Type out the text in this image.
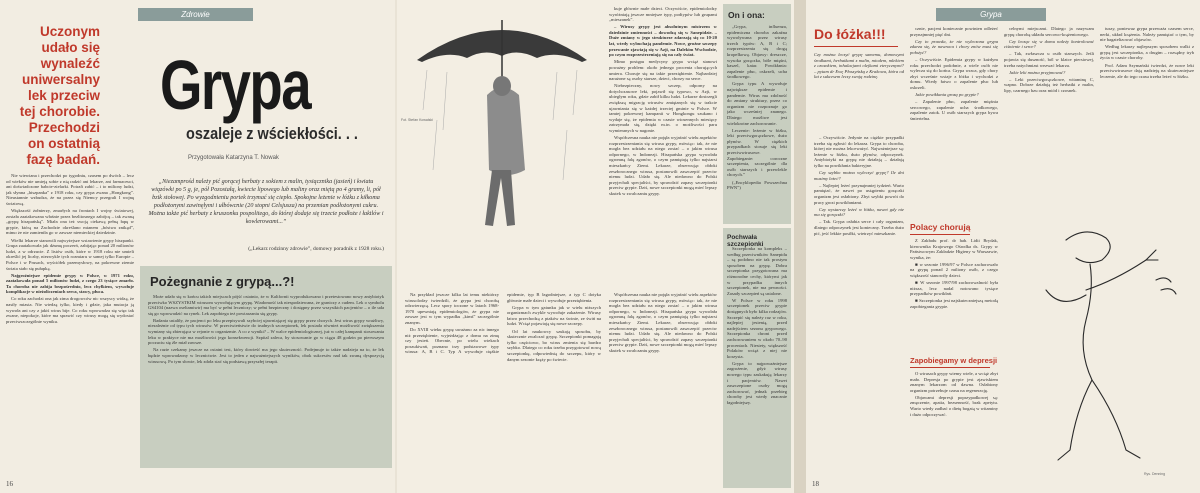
Zdrowie
Uczonym
udało się
wynaleźć
uniwersalny
lek przeciw
tej chorobie.
Przechodzi
on ostatnią
fazę badań.
Grypa
oszaleje z wściekłości. . .
Przygotowała Katarzyna T. Nowak
„Niezamprośd należy pić gorącej herbaty z sokiem z malin, tysiącznika (jasień) i kwiatu wiązówki po 5 g, je, pół Pozostałą, kwiecie lipowego lub maliny oraz miętą po 4 gramy, li, pół bzik stołowej. Po wyzgodnieniu portek trzymać się ciepło. Spokojne leżenie w łóżku z kiłkoma podłożonymi zawinęłymi i ułbówcnie (20 stopni Celsjusza) na przemian podłożonymi cukru. Można także pić herbaty z kruszonku pospolitego, do której dodaje się trzecie podłoże i łaktlów i kowlerowami...”
(„Lekarz rodzinny zdrowie”, domowy poradnik z 1928 roku.)

Nie wiewiana i przechodzi po tygodniu, czasem po dwóch – lecz od wieków nie umieją sobie z nią radzić ani lekarze, ani farmaceuci, ani doświadczone babcie-zielarki. Potrafi zabić – i to miliony ludzi, jak słynna „hiszpanka” z 1918 roku, czy grypa zwana „Hongkong”. Nieustannie wzbudza, że na przez się Niemcy przegrali I wojnę światową.

Większość żołnierzy, zmarłych na frontach I wojny światowej, została zaatakowana właśnie przez bezlitosnego zabójcę – tak zwaną „grypę hiszpańską”. Miała ona też swoją ciekawą pełną łapę w grypie, którą na Zachodzie określano mianem „bóstwa znikąd”, mimo że nie zamieniła go w zawsze niemieckiej dziedzinie.

Wielki lekarze stanowili najwyżejsze wstawienie grypy hiszpanki. Grupa zaatakowała jak dżumę poczerń, zabijając ponad 20 milionów ludzi, a w odrzucie. Z listów osób, które w 1918 roku nie umieli określić jej liczby, niezwykle tych rozmiaru w samej tylko Europie – Polsce i w Prusach, wyściółek przemysłowy, na pokrewne ziemie świata stało się pułapką.

Najgroźniejsze epidemie grypy w Polsce, w 1971 roku, zaatakowała ponad 5 milionów ludzi, z czego 23 tysiące zmarło. Ta choroba nie zabija bezpośrednio, lecz chyłkiem, wywołuje komplikacje w nieżoliczeniach serca, stawy, płuca.

Co roku zachodzi ona jak zima drogowców nic wszyscy widzą, że nasiły miasta. Nie wiedzą tylko, kiedy i gdzie, jaka mutacja ją wywoła ani czy z jakiś wirus bije. Co roku wprowadza się więc tak zwane, niepokoje, które ma sprawić czy wirusy mogą się wydostać przeciwszczególnie wyniku.

Pożegnanie z grypą...?!

Może udało się w końcu takich miejscach pójść ostatnio, że w Kalifornii wyprodukowano i przetestowano nowy antybiotyk przeciwko WSZYSTKIM wirusom wywołującym grypę. Wiadomość tak niespodziewana, że graniczy z cudem. Lek o symbolu GS4104 (nazwa oseltamiwir) ma być w pełni leczniczy; w pełni bezpieczny i dostępny przez wszystkich pacjentów – o ile uda się go wprowadzić na rynek. Lek zapobiega też powtarzaniu się grypy.

Badania ustaliły, że pacjenci po leku przepisywali szybciej ujawniającej się grypy przez chorych. Jest wirus grypy wrażliwy, niezależnie od typu tych wirusów. W przeciwieństwie do trudnych szczepionek, lek posiada również możliwość zwiększenia wymiany się zbierająca w rejonie w organizmie. A co z wyniki? – W walce epidemiologicznej, już w całej kampanii stosowania leku w praktyce nie ma możliwości jego konsekwencji. Szpital zaleca, by stosowanie go w ciągu 48 godzin po pierwszym poczuciu się źle miał zawsze.

Na razie czekamy jeszcze na ostatni test, który dowieść ma jego skuteczność. Podejmuje to także nadzieja na to, że lek będzie wprowadzony w lecznictwie. Jest to jeden z najważniejszych wyników, obok sukcesów nad tak zwaną dyspozycją wirusową. Po tym słowie, lek zdoła stać się podstawą przyszłej terapii.

16
Fot. Stefan Kowalski

kuje głównie małe dzieci. Oczywiście, epidemiolodzy wyróżniają jeszcze mniejsze typy, podtypów lub grupami „mieszanek”.

– Wirusy grypy jest absolutnym mistrzem w dziedzinie zmienności – dowodzą się w Sanepidzie. – Duże zmiany w jego strukturze zdarzają się co 10-20 lat, wtedy wybuchają pandemie. Nowe, groźne szczepy przewanie zjawiają się w Azji, na Dalekim Wschodzie, po czym rozprzestrzeniają się na cały świat.

Mimo postępu medycyny grypa wciąż stanowi poważny problem: około jednego procenta chorujących umiera. Choruje się na takie przeziębienie. Najbardziej narażone są osoby starsze, dzieci, chorzy na serce.

Niebezpieczny, nowy szczep, odporny na dotychczasowe leki, pojawił się typowo, w Azji, w ubiegłym roku, gdzie zabił kilku ludzi. Lekarze dostrzegli zwiększą migrację wirusów zmiętanych się w trakcie ujawniania się w każdej trzeciej gminie w Polsce. W tamtej pokrewnej kampanii w Hongkongu szukano i wydaje się, że epidemia w czasie wiosennych miesięcy zatrzymała się, dzięki m.in. o możliwości paru wymieranych w nagonie.

Współczesna nauka nie pojęła wyjaśnić wielu aspektów rozprzestrzeniania się wirusa grypy, mówiąc: tak, że nie mogła bez udziału na niego zostać – o jakim wirusa odpornego, w Indonezji. Hiszpańska grypa wywołała ogromną falę zgonów, o czym pamiętają tylko najstarsi mieszkańcy Ziemi. Lekarze, obserwując obłoki zeszłorocznego wirusa, postanowili zaszczepić przeciw niemu ludzi. Udało się. Ale niedawno do Polski przyjechali specjaliści, by sprawdzić zapasy szczepionki przeciw grypie. Dziś, nowe szczepionki mogą mieć lepszy skutek w zwalczaniu grypy.

Na przykład jeszcze kilka lat temu niektórzy wirusolodzy twierdzili, że grypa jest chorobą odzwierzęcą. Lecz spory toczone w latach 1968-1970 upewniają epidemiologów, że grypa nie zawsze jest w tym wypadku „kimś” szczególnie znanym.

Do XVIII wieku grypę uważano za nic innego niż przeziębienie, wyjeżdżając z domu na zimę czy jesień. Obecnie, po wielu wiekach poszukiwań, poznano trzy podstawowe typy wirusa: A, B i C. Typ A wywołuje ciężkie epidemie, typ B łagodniejsze, a typ C dotyka głównie małe dzieci i wywołuje przeziębienia.

Grypa w tym gatunku jak w wielu niższych organizmach zwykle wywołuje zakażenie. Wirusy łatwo przechodzą z ptaków na świnie, ze świń na ludzi. Wciąż pojawiają się nowe szczepy.

Od lat naukowcy szukają sposobu, by skutecznie zwalczać grypę. Szczepionki pomagają tylko częściowo, bo wirus zmienia się bardzo szybko. Dlatego co roku trzeba przygotować nową szczepionkę, odpowiednią do szczepu, który w danym sezonie krąży po świecie.

Współczesna nauka nie pojęła wyjaśnić wielu aspektów rozprzestrzeniania się wirusa grypy, mówiąc: tak, że nie mogła bez udziału na niego zostać – o jakim wirusa odpornego, w Indonezji. Hiszpańska grypa wywołała ogromną falę zgonów, o czym pamiętają tylko najstarsi mieszkańcy Ziemi. Lekarze, obserwując obłoki zeszłorocznego wirusa, postanowili zaszczepić przeciw niemu ludzi. Udało się. Ale niedawno do Polski przyjechali specjaliści, by sprawdzić zapasy szczepionki przeciw grypie. Dziś, nowe szczepionki mogą mieć lepszy skutek w zwalczaniu grypy.

On i ona:

„Grypa, influenza, epidemiczna choroba zakaźna wywoływana przez wirusy trzech typów: A, B i C; rozprzestrzenia się drogą kropelkową. Objawy: dreszcze, wysoka gorączka, bóle mięśni, kaszel, katar. Powikłania: zapalenie płuc, oskrzeli, ucha środkowego.

Grypa typu A wywołuje największe epidemie i pandemie. Wirus ma zdolność do zmiany struktury, przez co organizm nie rozpoznaje go jako wcześniej znanego. Dlatego możliwe jest wielokrotne zachorowanie.

Leczenie: leżenie w łóżku, leki przeciwgorączkowe, dużo płynów. W ciężkich przypadkach stosuje się leki przeciwwirusowe. Zapobieganie: coroczne szczepienia, szczególnie dla osób starszych i przewlekle chorych.”

(„Encyklopedia Powszechna PWN”)

Pochwała szczepionki

Szczepionka na kompleks – według przeciwników Sanepidu – są podobno nie tak prostym sposobem na grypę. Dobra szczepionka przygotowana ma różnorodne cechy, którymi jak w przypadku innych szczepionek, nie ma pewności. Zasady szczepień są ustalone.

W Polsce w roku 1998 szczepionek przeciw grypie dostępnych było kilka rodzajów. Szczepić się należy raz w roku, najlepiej jesienią, przed nadejściem sezonu grypowego. Szczepionka chroni przed zachorowaniem w około 70–90 procentach. Niestety, większość Polaków wciąż z niej nie korzysta.

Grypa to najpoważniejsze zagrożenie, gdyż wirusy nowego typu zaskakują lekarzy i pacjentów. Nawet zaszczepione osoby mogą zachorować, jednak przebieg choroby jest wtedy znacznie łagodniejszy.

Grypa
Do łóżka!!!
Czy można leczyć grypę samemu, domowymi środkami, herbatkami z malin, miodem, mlekiem z czosnkiem, inhalacjami olejkami eterycznymi? – pytam dr Ewę Płoszyńską z Krakowa, która od lat z sukcesem leczy swoją rodzinę.

– Oczywiście. Jedynie na ciężkie przypadki trzeba się zgłosić do lekarza. Grypa to choroba, której nie można lekceważyć. Najważniejsze są: leżenie w łóżku, dużo płynów, odpoczynek. Antybiotyki na grypę nie działają – działają tylko na powikłania bakteryjne.

Czy szybko można wyleczyć grypę? Ile dni musimy leżeć?

– Najlepiej leżeć przynajmniej tydzień. Warto pamiętać, że nawet po ustąpieniu gorączki organizm jest osłabiony. Zbyt szybki powrót do pracy grozi powikłaniami.

Czy wystarczy leżeć w łóżku, nawet gdy nie ma się gorączki?

– Tak. Grypa osłabia serce i cały organizm, dlatego odpoczynek jest konieczny. Trzeba dużo pić, jeść lekkie posiłki, wietrzyć mieszkanie.

cznie, pacjent koniecznie powinien odleżeć przynajmniej pięć dni.

Czy to prawda, że nie wyleczona grypa zdarza się, że nawraca i chory znów musi się położyć?

– Oczywiście. Epidemia grypy w każdym roku przechodzi podobnie, a wiele osób nie wylecza się do końca. Grypa wraca, gdy chory zbyt wcześnie wstaje z łóżka i wychodzi z domu. Wtedy łatwo o zapalenie płuc lub oskrzeli.

Jakie powikłania grozą po grypie?

– Zapalenie płuc, zapalenie mięśnia sercowego, zapalenie ucha środkowego, zapalenie zatok. U osób starszych grypa bywa śmiertelna.

Polacy chorują

Z Zakładu prof. dr hab. Lidii Brydak, kierownika Krajowego Ośrodka ds. Grypy w Państwowym Zakładzie Higieny w Warszawie, wynika, że:

■ w sezonie 1996/97 w Polsce zachorowało na grypę ponad 2 miliony osób, z czego większość stanowiły dzieci.

■ W sezonie 1997/98 zachorowalność była niższa, lecz nadal notowano tysiące przypadków powikłań.

■ Szczepionka jest najskuteczniejszą metodą zapobiegania grypie.

Zapobiegamy w depresji

O wirusach grypy wiemy wiele, a wciąż zbyt mało. Depresja po grypie jest zjawiskiem znanym lekarzom od dawna. Osłabiony organizm potrzebuje czasu na regenerację.

Objawami depresji poprzypadkowej są: zmęczenie, apatia, bezsenność, brak apetytu. Warto wtedy zadbać o dietę bogatą w witaminy i dużo odpoczywać.

celnymi miejscami. Dlatego ja nazywam grypę chorobą układu sercowo-krążeniowego.

Czy lecząc się w domu należy kontrolować ciśnienie i serce?

– Tak, zwłaszcza u osób starszych. Jeśli pojawia się duszność, ból w klatce piersiowej, trzeba natychmiast wezwać lekarza.

Jakie leki można przyjmować?

– Leki przeciwgorączkowe, witaminę C, wapno. Dobrze działają też herbatki z malin, lipy, czarnego bzu oraz miód i czosnek.

tuszy, poniewaz grypa przeważa czasem serce, nerki, układ krążenia. Należy pamiętać o tym, by nie bagatelizować objawów.

Według lekarzy najlepszym sposobem walki z grypą jest szczepionka, a drugim – rozsądny tryb życia w czasie choroby.

Prof. Adam Szymański twierdzi, że nowe leki przeciwwirusowe dają nadzieję na skuteczniejsze leczenie, ale do tego czasu trzeba leżeć w łóżku.

Rys. Denning
18
